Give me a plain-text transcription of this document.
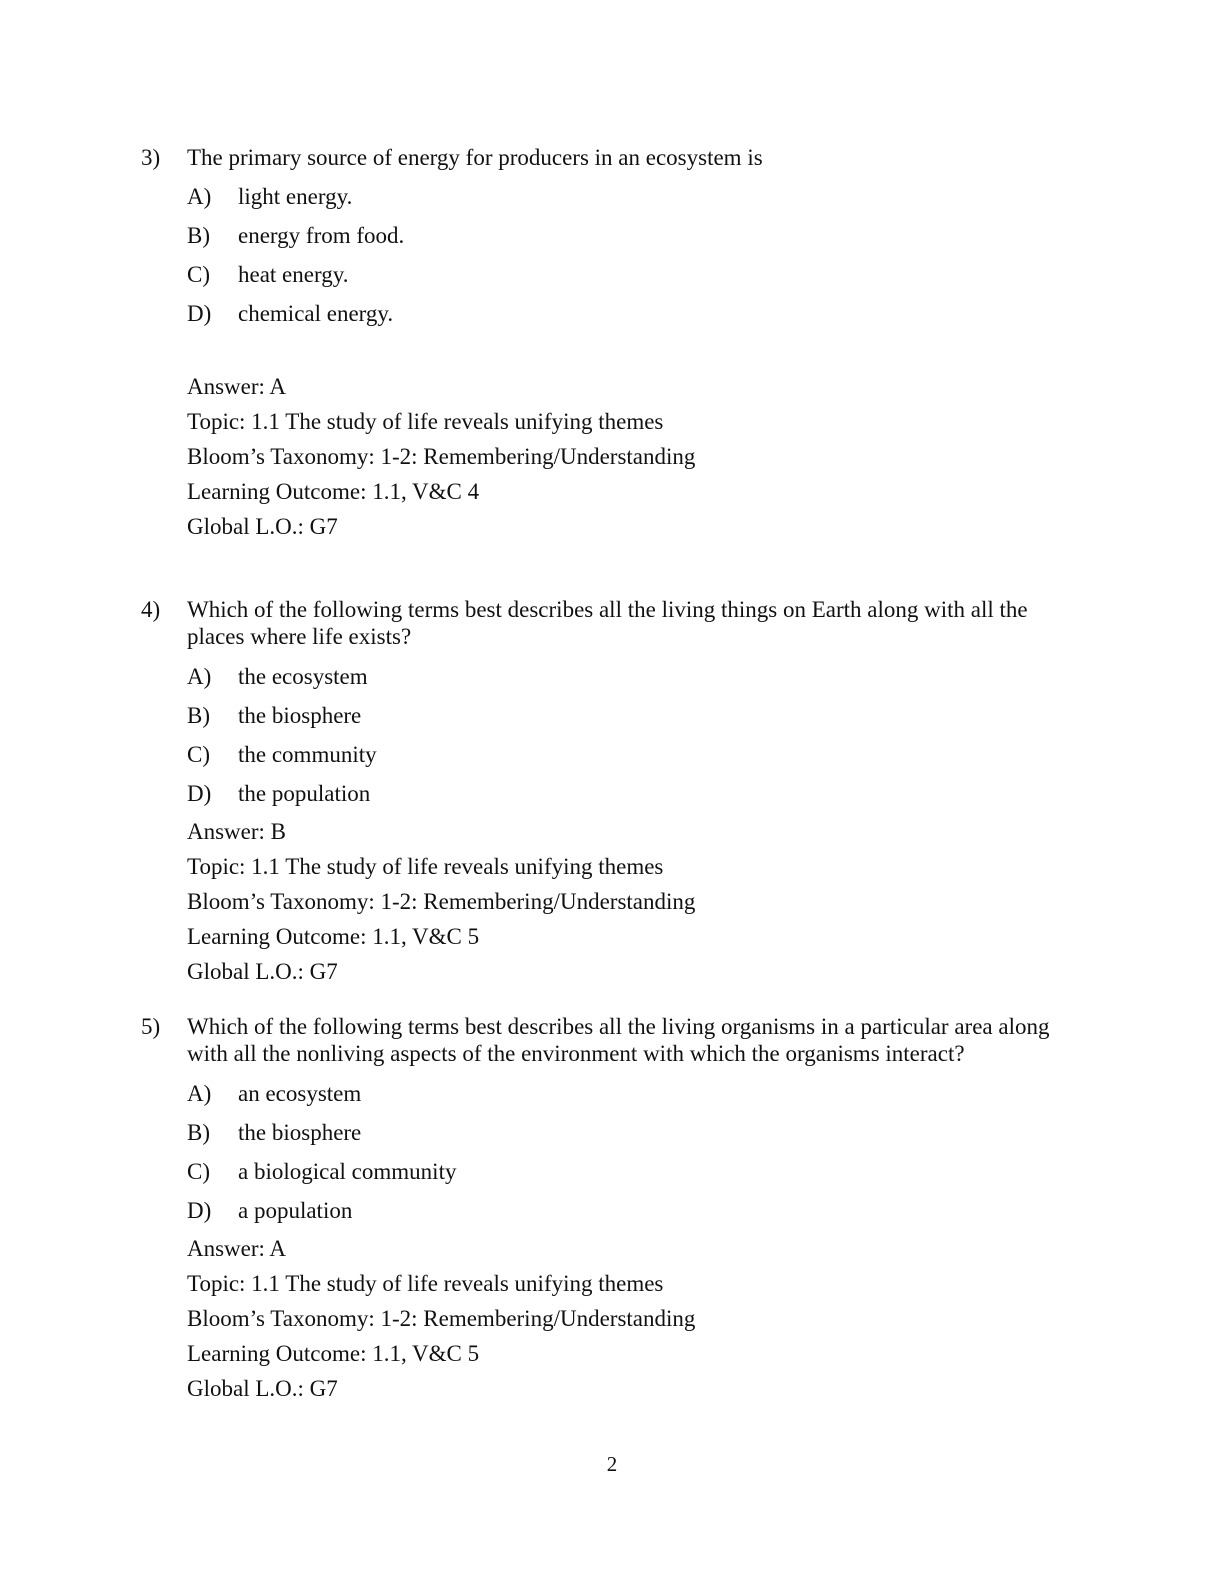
3) The primary source of energy for producers in an ecosystem is
A) light energy.
B) energy from food.
C) heat energy.
D) chemical energy.
Answer: A
Topic: 1.1 The study of life reveals unifying themes
Bloom’s Taxonomy: 1-2: Remembering/Understanding
Learning Outcome: 1.1, V&C 4
Global L.O.: G7
4) Which of the following terms best describes all the living things on Earth along with all the
places where life exists?
A) the ecosystem
B) the biosphere
C) the community
D) the population
Answer: B
Topic: 1.1 The study of life reveals unifying themes
Bloom’s Taxonomy: 1-2: Remembering/Understanding
Learning Outcome: 1.1, V&C 5
Global L.O.: G7
5) Which of the following terms best describes all the living organisms in a particular area along
with all the nonliving aspects of the environment with which the organisms interact?
A) an ecosystem
B) the biosphere
C) a biological community
D) a population
Answer: A
Topic: 1.1 The study of life reveals unifying themes
Bloom’s Taxonomy: 1-2: Remembering/Understanding
Learning Outcome: 1.1, V&C 5
Global L.O.: G7
2
